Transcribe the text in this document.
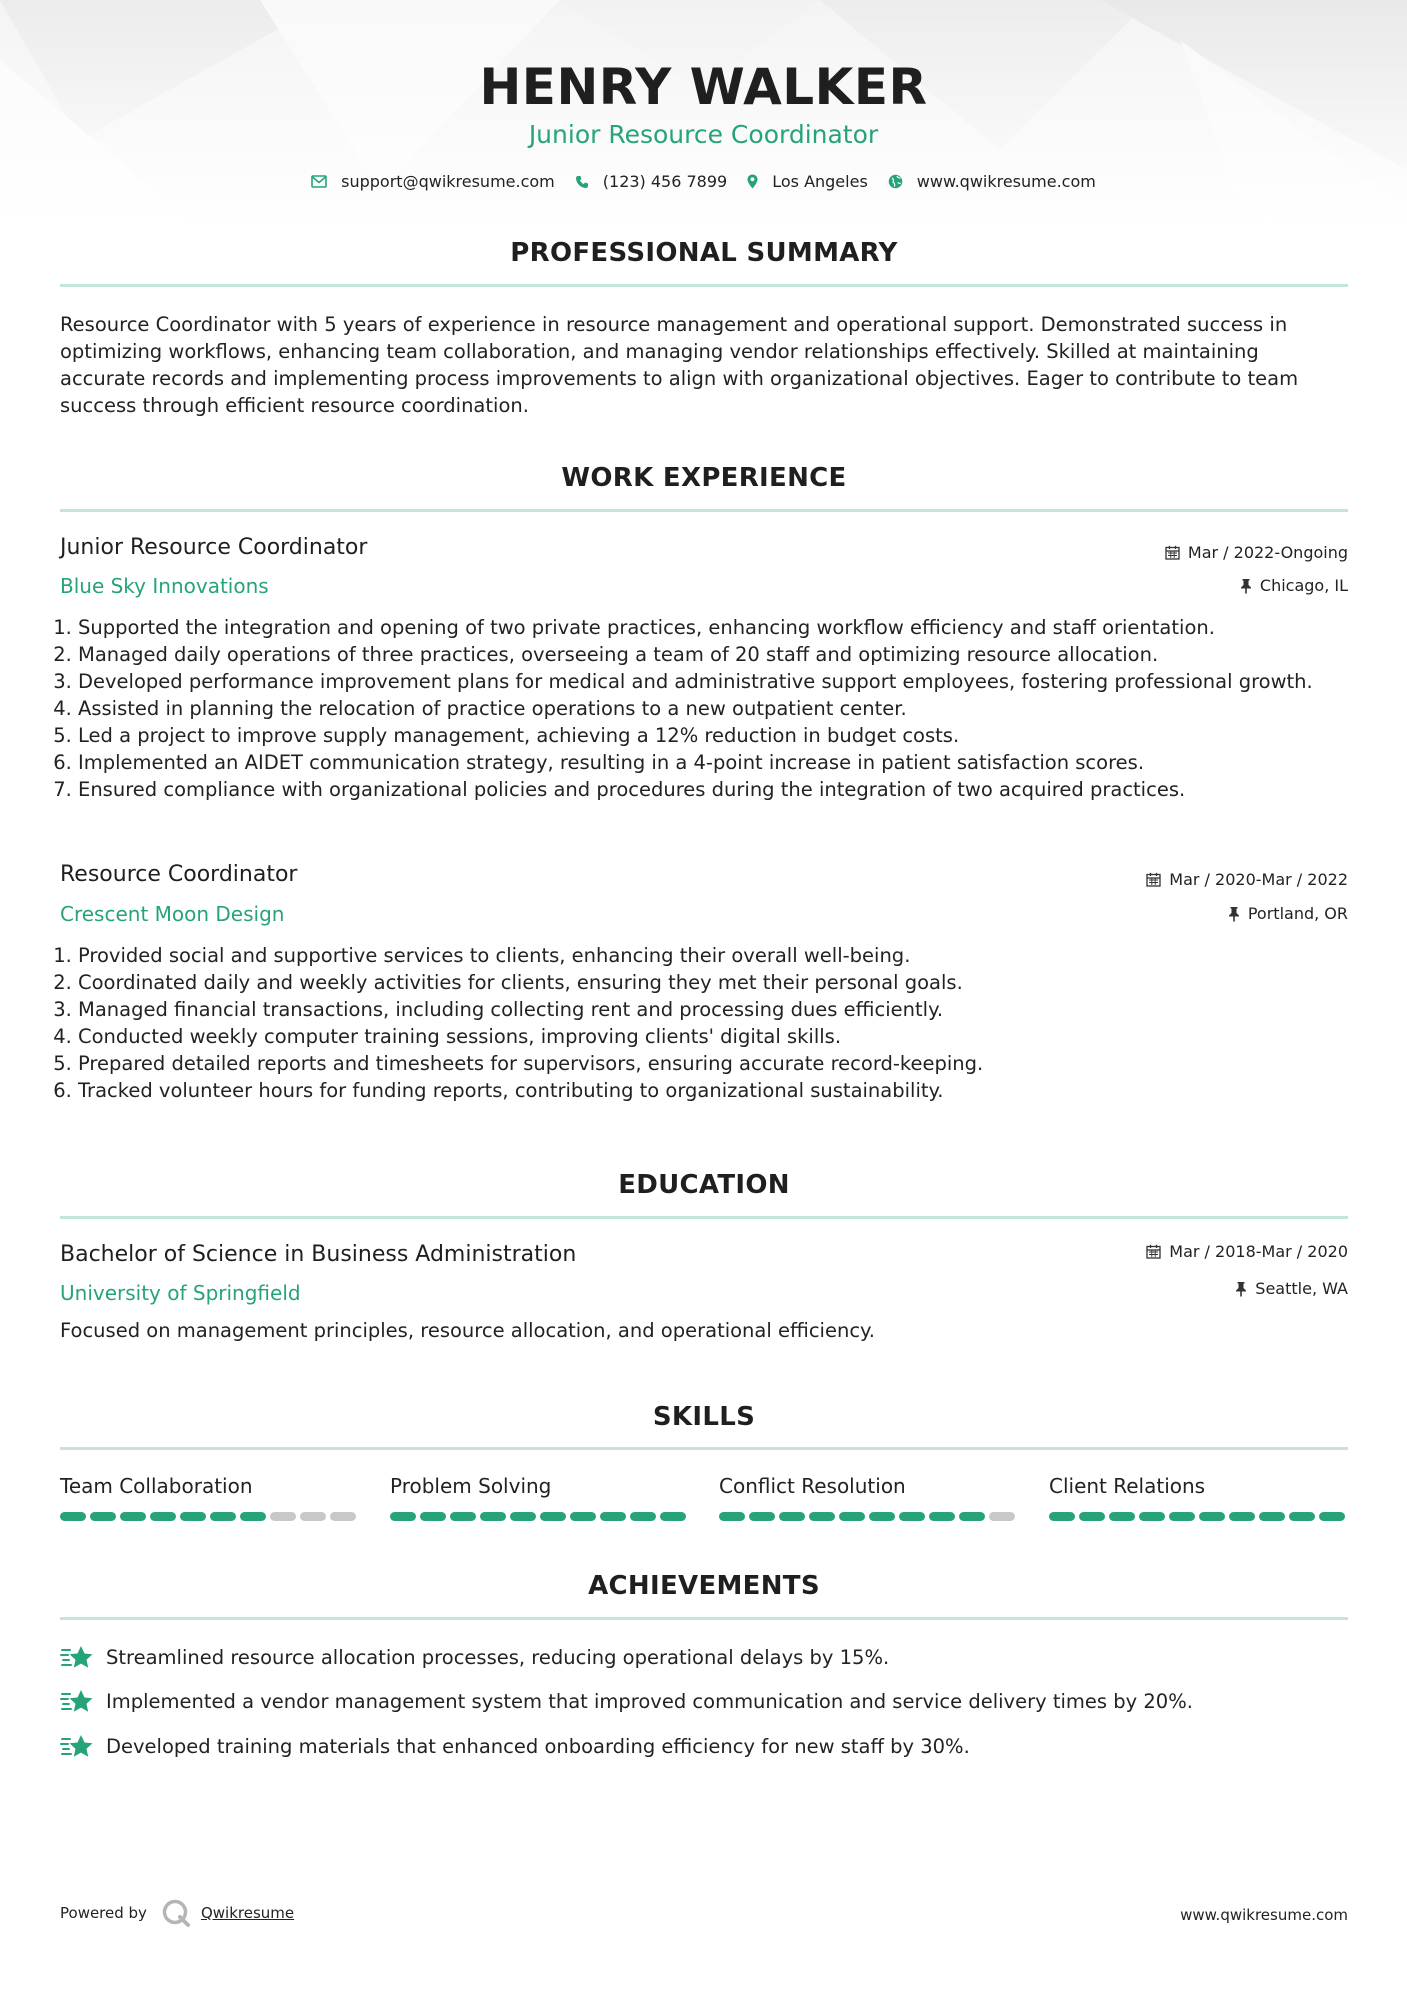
HENRY WALKER
Junior Resource Coordinator
support@qwikresume.com	(123) 456 7899	Los Angeles	www.qwikresume.com
PROFESSIONAL SUMMARY
Resource Coordinator with 5 years of experience in resource management and operational support. Demonstrated success in optimizing workflows, enhancing team collaboration, and managing vendor relationships effectively. Skilled at maintaining accurate records and implementing process improvements to align with organizational objectives. Eager to contribute to team success through efficient resource coordination.
WORK EXPERIENCE
Junior Resource Coordinator
Blue Sky Innovations
Mar / 2022-Ongoing
Chicago, IL
1. Supported the integration and opening of two private practices, enhancing workflow efficiency and staff orientation.
2. Managed daily operations of three practices, overseeing a team of 20 staff and optimizing resource allocation.
3. Developed performance improvement plans for medical and administrative support employees, fostering professional growth.
4. Assisted in planning the relocation of practice operations to a new outpatient center.
5. Led a project to improve supply management, achieving a 12% reduction in budget costs.
6. Implemented an AIDET communication strategy, resulting in a 4-point increase in patient satisfaction scores.
7. Ensured compliance with organizational policies and procedures during the integration of two acquired practices.
Resource Coordinator
Crescent Moon Design
Mar / 2020-Mar / 2022
Portland, OR
1. Provided social and supportive services to clients, enhancing their overall well-being.
2. Coordinated daily and weekly activities for clients, ensuring they met their personal goals.
3. Managed financial transactions, including collecting rent and processing dues efficiently.
4. Conducted weekly computer training sessions, improving clients' digital skills.
5. Prepared detailed reports and timesheets for supervisors, ensuring accurate record-keeping.
6. Tracked volunteer hours for funding reports, contributing to organizational sustainability.
EDUCATION
Bachelor of Science in Business Administration
University of Springfield
Mar / 2018-Mar / 2020
Seattle, WA
Focused on management principles, resource allocation, and operational efficiency.
SKILLS
Team Collaboration	Problem Solving	Conflict Resolution	Client Relations
ACHIEVEMENTS
Streamlined resource allocation processes, reducing operational delays by 15%.
Implemented a vendor management system that improved communication and service delivery times by 20%.
Developed training materials that enhanced onboarding efficiency for new staff by 30%.
Powered by	Qwikresume	www.qwikresume.com
